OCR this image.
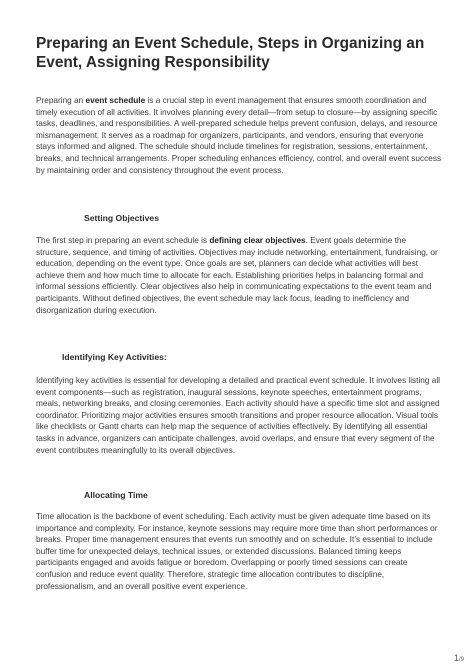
Preparing an Event Schedule, Steps in Organizing an Event, Assigning Responsibility

Preparing an event schedule is a crucial step in event management that ensures smooth coordination and timely execution of all activities. It involves planning every detail—from setup to closure—by assigning specific tasks, deadlines, and responsibilities. A well-prepared schedule helps prevent confusion, delays, and resource mismanagement. It serves as a roadmap for organizers, participants, and vendors, ensuring that everyone stays informed and aligned. The schedule should include timelines for registration, sessions, entertainment, breaks, and technical arrangements. Proper scheduling enhances efficiency, control, and overall event success by maintaining order and consistency throughout the event process.

Setting Objectives

The first step in preparing an event schedule is defining clear objectives. Event goals determine the structure, sequence, and timing of activities. Objectives may include networking, entertainment, fundraising, or education, depending on the event type. Once goals are set, planners can decide what activities will best achieve them and how much time to allocate for each. Establishing priorities helps in balancing formal and informal sessions efficiently. Clear objectives also help in communicating expectations to the event team and participants. Without defined objectives, the event schedule may lack focus, leading to inefficiency and disorganization during execution.

Identifying Key Activities:

Identifying key activities is essential for developing a detailed and practical event schedule. It involves listing all event components—such as registration, inaugural sessions, keynote speeches, entertainment programs, meals, networking breaks, and closing ceremonies. Each activity should have a specific time slot and assigned coordinator. Prioritizing major activities ensures smooth transitions and proper resource allocation. Visual tools like checklists or Gantt charts can help map the sequence of activities effectively. By identifying all essential tasks in advance, organizers can anticipate challenges, avoid overlaps, and ensure that every segment of the event contributes meaningfully to its overall objectives.

Allocating Time

Time allocation is the backbone of event scheduling. Each activity must be given adequate time based on its importance and complexity. For instance, keynote sessions may require more time than short performances or breaks. Proper time management ensures that events run smoothly and on schedule. It’s essential to include buffer time for unexpected delays, technical issues, or extended discussions. Balanced timing keeps participants engaged and avoids fatigue or boredom. Overlapping or poorly timed sessions can create confusion and reduce event quality. Therefore, strategic time allocation contributes to discipline, professionalism, and an overall positive event experience.

1/9
